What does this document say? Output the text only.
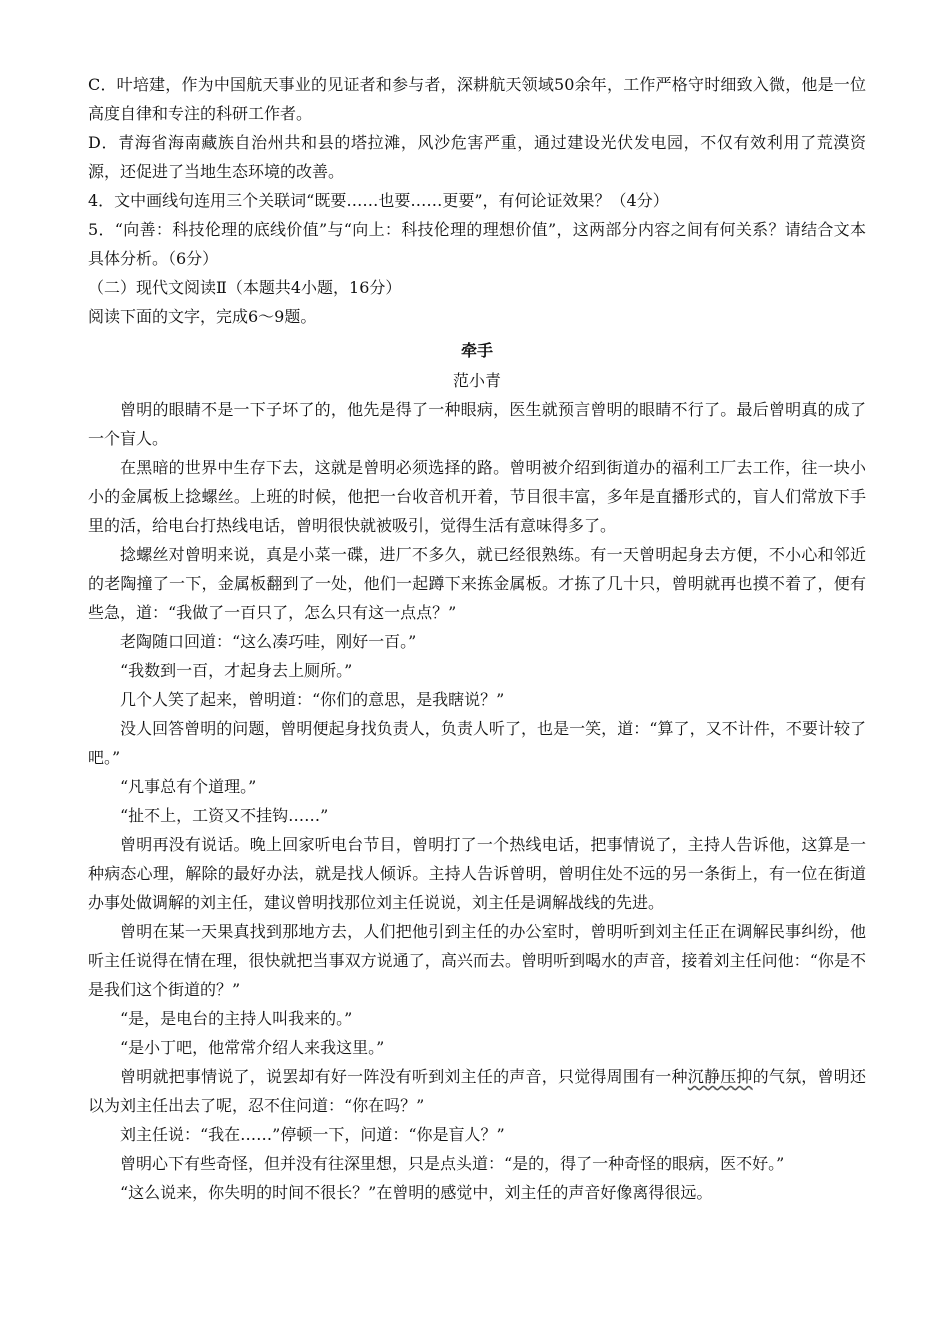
C．叶培建，作为中国航天事业的见证者和参与者，深耕航天领域50余年，工作严格守时细致入微，他是一位高度自律和专注的科研工作者。

D．青海省海南藏族自治州共和县的塔拉滩，风沙危害严重，通过建设光伏发电园，不仅有效利用了荒漠资源，还促进了当地生态环境的改善。

4．文中画线句连用三个关联词“既要……也要……更要”，有何论证效果？（4分）

5．“向善：科技伦理的底线价值”与“向上：科技伦理的理想价值”，这两部分内容之间有何关系？请结合文本具体分析。（6分）

（二）现代文阅读Ⅱ（本题共4小题，16分）

阅读下面的文字，完成6～9题。

牵手

范小青

曾明的眼睛不是一下子坏了的，他先是得了一种眼病，医生就预言曾明的眼睛不行了。最后曾明真的成了一个盲人。

在黑暗的世界中生存下去，这就是曾明必须选择的路。曾明被介绍到街道办的福利工厂去工作，往一块小小的金属板上捻螺丝。上班的时候，他把一台收音机开着，节目很丰富，多年是直播形式的，盲人们常放下手里的活，给电台打热线电话，曾明很快就被吸引，觉得生活有意味得多了。

捻螺丝对曾明来说，真是小菜一碟，进厂不多久，就已经很熟练。有一天曾明起身去方便，不小心和邻近的老陶撞了一下，金属板翻到了一处，他们一起蹲下来拣金属板。才拣了几十只，曾明就再也摸不着了，便有些急，道：“我做了一百只了，怎么只有这一点点？”

老陶随口回道：“这么凑巧哇，刚好一百。”

“我数到一百，才起身去上厕所。”

几个人笑了起来，曾明道：“你们的意思，是我瞎说？”

没人回答曾明的问题，曾明便起身找负责人，负责人听了，也是一笑，道：“算了，又不计件，不要计较了吧。”

“凡事总有个道理。”

“扯不上，工资又不挂钩……”

曾明再没有说话。晚上回家听电台节目，曾明打了一个热线电话，把事情说了，主持人告诉他，这算是一种病态心理，解除的最好办法，就是找人倾诉。主持人告诉曾明，曾明住处不远的另一条街上，有一位在街道办事处做调解的刘主任，建议曾明找那位刘主任说说，刘主任是调解战线的先进。

曾明在某一天果真找到那地方去，人们把他引到主任的办公室时，曾明听到刘主任正在调解民事纠纷，他听主任说得在情在理，很快就把当事双方说通了，高兴而去。曾明听到喝水的声音，接着刘主任问他：“你是不是我们这个街道的？”

“是，是电台的主持人叫我来的。”

“是小丁吧，他常常介绍人来我这里。”

曾明就把事情说了，说罢却有好一阵没有听到刘主任的声音，只觉得周围有一种沉静压抑的气氛，曾明还以为刘主任出去了呢，忍不住问道：“你在吗？”

刘主任说：“我在……”停顿一下，问道：“你是盲人？”

曾明心下有些奇怪，但并没有往深里想，只是点头道：“是的，得了一种奇怪的眼病，医不好。”

“这么说来，你失明的时间不很长？”在曾明的感觉中，刘主任的声音好像离得很远。
